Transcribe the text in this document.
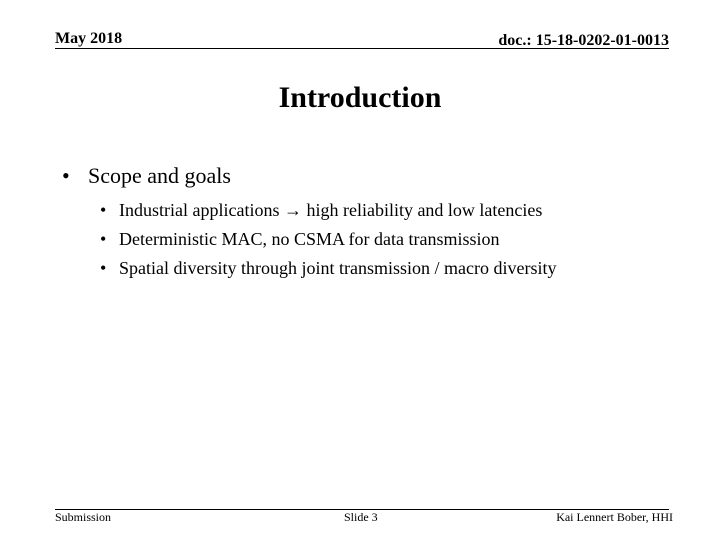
May 2018	doc.: 15-18-0202-01-0013
Introduction
• Scope and goals
• Industrial applications → high reliability and low latencies
• Deterministic MAC, no CSMA for data transmission
• Spatial diversity through joint transmission / macro diversity
Submission	Slide 3	Kai Lennert Bober, HHI
